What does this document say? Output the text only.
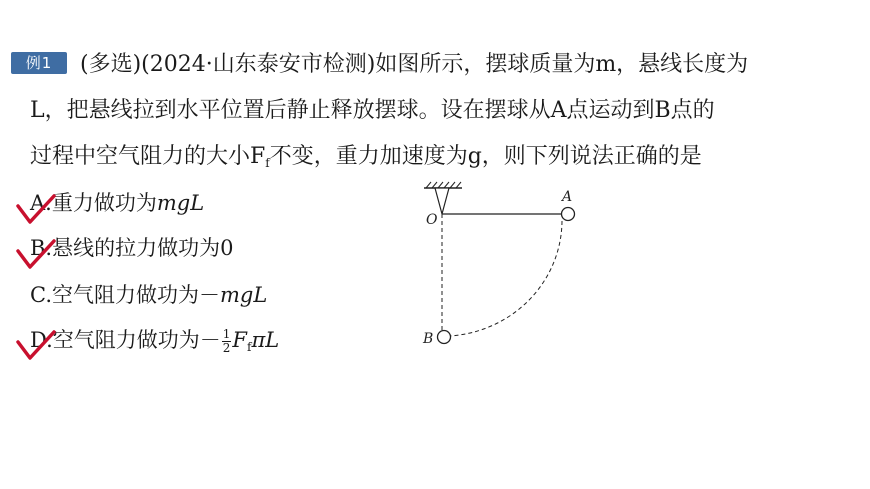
例1	(多选)(2024·山东泰安市检测)如图所示，摆球质量为m，悬线长度为
L，把悬线拉到水平位置后静止释放摆球。设在摆球从A点运动到B点的
过程中空气阻力的大小$F_f$不变，重力加速度为g，则下列说法正确的是
A.重力做功为mgL
B.悬线的拉力做功为0
C.空气阻力做功为－mgL
D.空气阻力做功为－ $\frac{1}{2} F_f\pi L$
O
A
B
